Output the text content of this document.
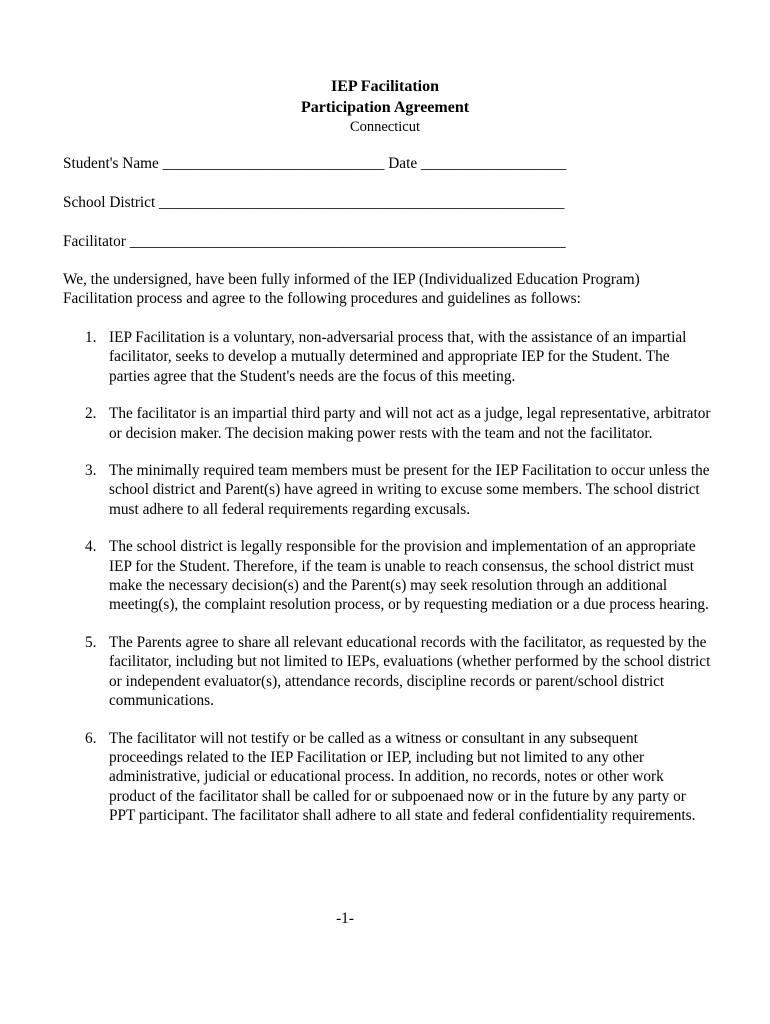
IEP Facilitation
Participation Agreement
Connecticut
Student's Name _____________________________ Date ___________________
School District _____________________________________________________
Facilitator _________________________________________________________

We, the undersigned, have been fully informed of the IEP (Individualized Education Program) Facilitation process and agree to the following procedures and guidelines as follows:

1. IEP Facilitation is a voluntary, non-adversarial process that, with the assistance of an impartial facilitator, seeks to develop a mutually determined and appropriate IEP for the Student. The parties agree that the Student's needs are the focus of this meeting.
2. The facilitator is an impartial third party and will not act as a judge, legal representative, arbitrator or decision maker. The decision making power rests with the team and not the facilitator.
3. The minimally required team members must be present for the IEP Facilitation to occur unless the school district and Parent(s) have agreed in writing to excuse some members. The school district must adhere to all federal requirements regarding excusals.
4. The school district is legally responsible for the provision and implementation of an appropriate IEP for the Student. Therefore, if the team is unable to reach consensus, the school district must make the necessary decision(s) and the Parent(s) may seek resolution through an additional meeting(s), the complaint resolution process, or by requesting mediation or a due process hearing.
5. The Parents agree to share all relevant educational records with the facilitator, as requested by the facilitator, including but not limited to IEPs, evaluations (whether performed by the school district or independent evaluator(s), attendance records, discipline records or parent/school district communications.
6. The facilitator will not testify or be called as a witness or consultant in any subsequent proceedings related to the IEP Facilitation or IEP, including but not limited to any other administrative, judicial or educational process. In addition, no records, notes or other work product of the facilitator shall be called for or subpoenaed now or in the future by any party or PPT participant. The facilitator shall adhere to all state and federal confidentiality requirements.
-1-
